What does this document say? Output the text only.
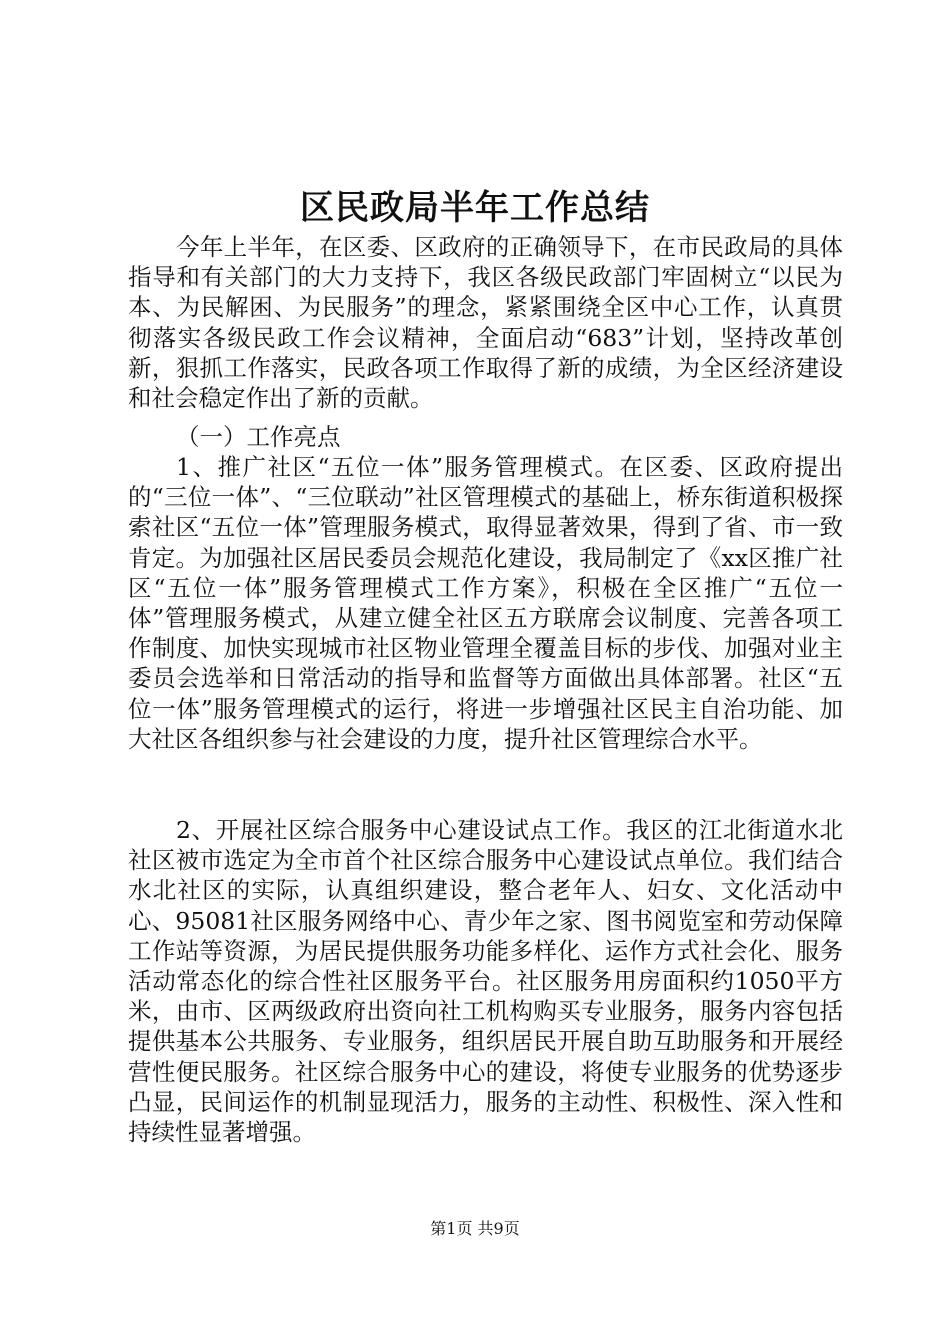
区民政局半年工作总结
今年上半年，在区委、区政府的正确领导下，在市民政局的具体指导和有关部门的大力支持下，我区各级民政部门牢固树立“以民为本、为民解困、为民服务”的理念，紧紧围绕全区中心工作，认真贯彻落实各级民政工作会议精神，全面启动“683”计划，坚持改革创新，狠抓工作落实，民政各项工作取得了新的成绩，为全区经济建设和社会稳定作出了新的贡献。
（一）工作亮点
1、推广社区“五位一体”服务管理模式。在区委、区政府提出的“三位一体”、“三位联动”社区管理模式的基础上，桥东街道积极探索社区“五位一体”管理服务模式，取得显著效果，得到了省、市一致肯定。为加强社区居民委员会规范化建设，我局制定了《xx区推广社区“五位一体”服务管理模式工作方案》，积极在全区推广“五位一体”管理服务模式，从建立健全社区五方联席会议制度、完善各项工作制度、加快实现城市社区物业管理全覆盖目标的步伐、加强对业主委员会选举和日常活动的指导和监督等方面做出具体部署。社区“五位一体”服务管理模式的运行，将进一步增强社区民主自治功能、加大社区各组织参与社会建设的力度，提升社区管理综合水平。
2、开展社区综合服务中心建设试点工作。我区的江北街道水北社区被市选定为全市首个社区综合服务中心建设试点单位。我们结合水北社区的实际，认真组织建设，整合老年人、妇女、文化活动中心、95081社区服务网络中心、青少年之家、图书阅览室和劳动保障工作站等资源，为居民提供服务功能多样化、运作方式社会化、服务活动常态化的综合性社区服务平台。社区服务用房面积约1050平方米，由市、区两级政府出资向社工机构购买专业服务，服务内容包括提供基本公共服务、专业服务，组织居民开展自助互助服务和开展经营性便民服务。社区综合服务中心的建设，将使专业服务的优势逐步凸显，民间运作的机制显现活力，服务的主动性、积极性、深入性和持续性显著增强。
第1页 共9页
